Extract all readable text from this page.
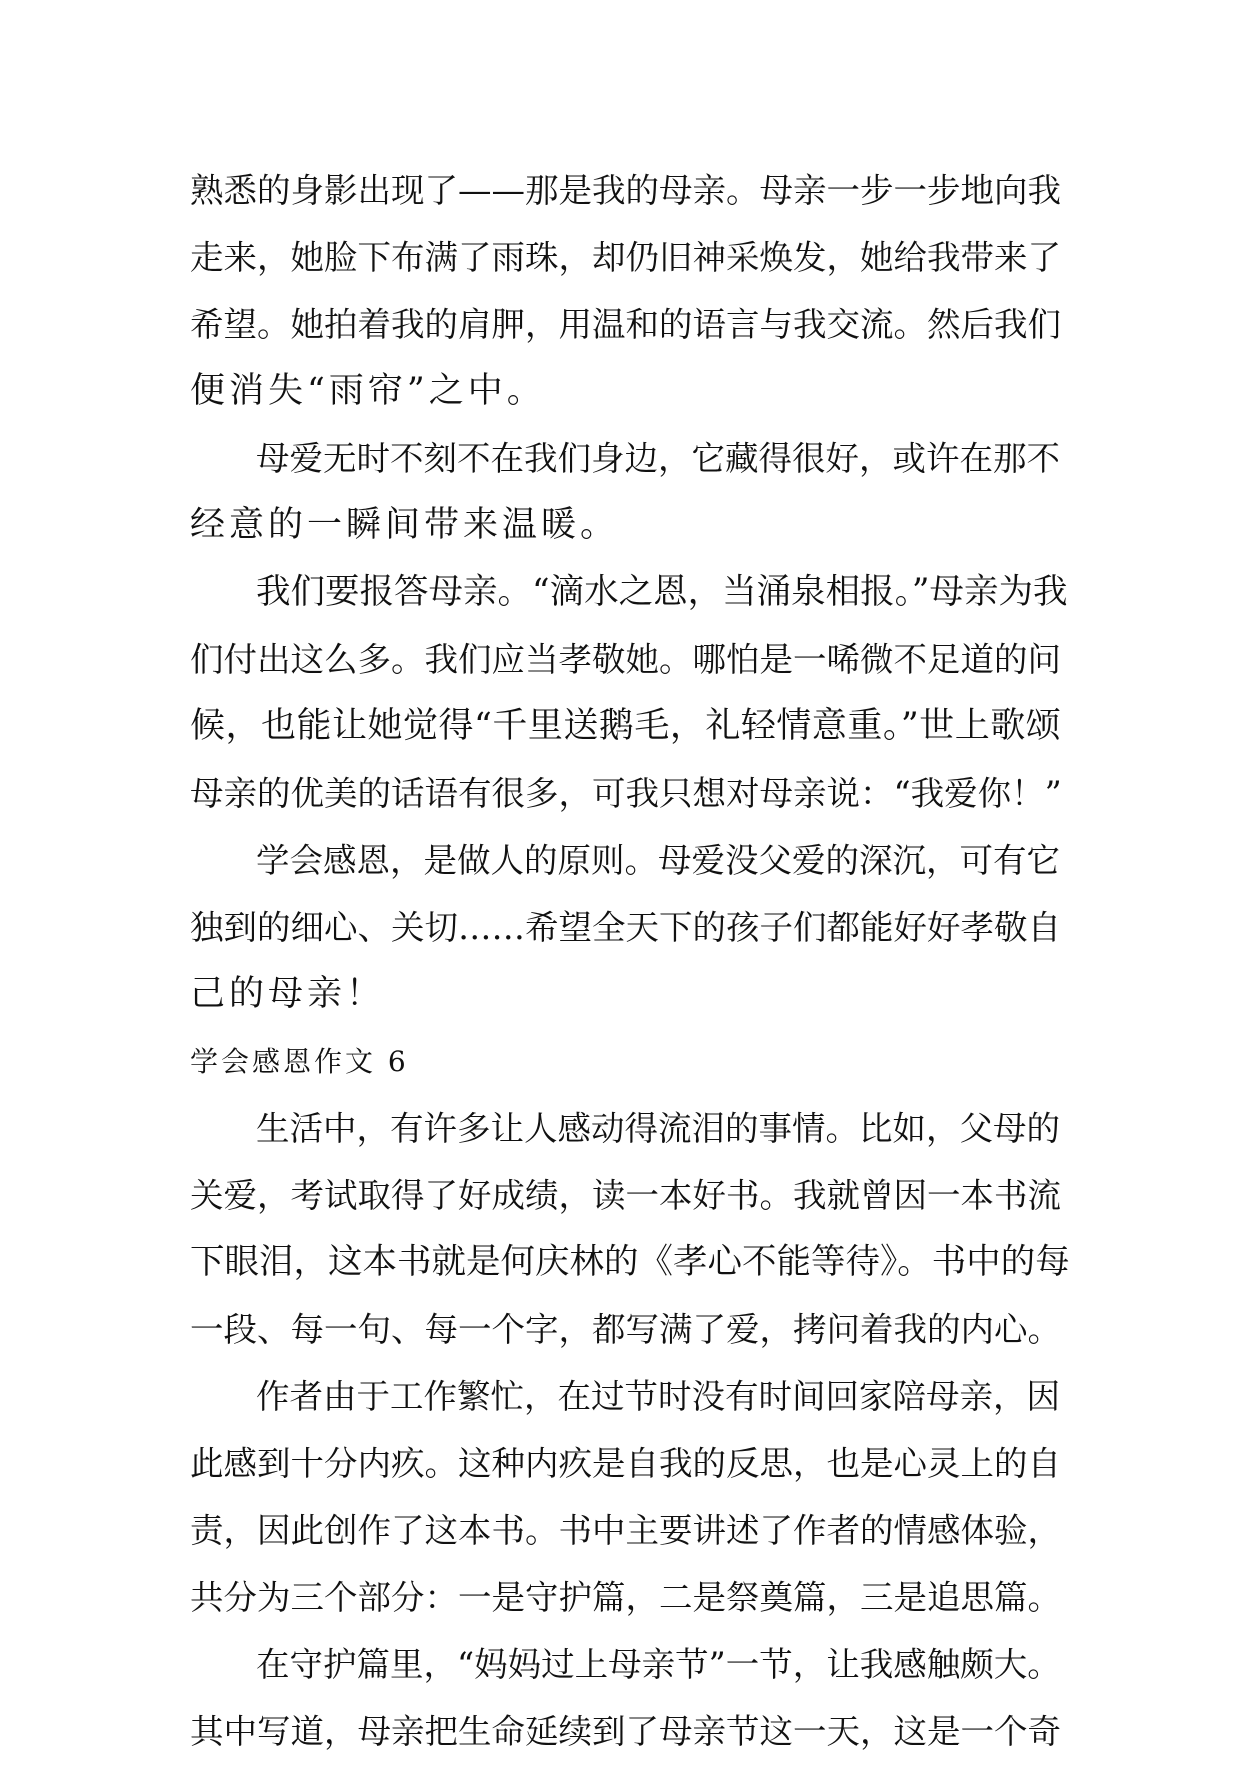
熟悉的身影出现了——那是我的母亲。母亲一步一步地向我
走来，她脸下布满了雨珠，却仍旧神采焕发，她给我带来了
希望。她拍着我的肩胛，用温和的语言与我交流。然后我们
便消失“雨帘”之中。
母爱无时不刻不在我们身边，它藏得很好，或许在那不
经意的一瞬间带来温暖。
我们要报答母亲。“滴水之恩，当涌泉相报。”母亲为我
们付出这么多。我们应当孝敬她。哪怕是一唏微不足道的问
候，也能让她觉得“千里送鹅毛，礼轻情意重。”世上歌颂
母亲的优美的话语有很多，可我只想对母亲说：“我爱你！”
学会感恩，是做人的原则。母爱没父爱的深沉，可有它
独到的细心、关切……希望全天下的孩子们都能好好孝敬自
己的母亲！
学会感恩作文 6
生活中，有许多让人感动得流泪的事情。比如，父母的
关爱，考试取得了好成绩，读一本好书。我就曾因一本书流
下眼泪，这本书就是何庆林的《孝心不能等待》。书中的每
一段、每一句、每一个字，都写满了爱，拷问着我的内心。
作者由于工作繁忙，在过节时没有时间回家陪母亲，因
此感到十分内疚。这种内疚是自我的反思，也是心灵上的自
责，因此创作了这本书。书中主要讲述了作者的情感体验，
共分为三个部分：一是守护篇，二是祭奠篇，三是追思篇。
在守护篇里，“妈妈过上母亲节”一节，让我感触颇大。
其中写道，母亲把生命延续到了母亲节这一天，这是一个奇
